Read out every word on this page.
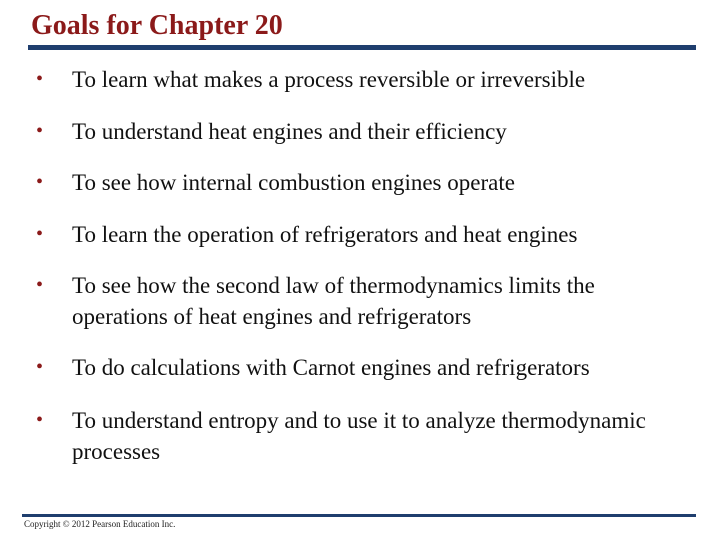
Goals for Chapter 20
•	To learn what makes a process reversible or irreversible
•	To understand heat engines and their efficiency
•	To see how internal combustion engines operate
•	To learn the operation of refrigerators and heat engines
•	To see how the second law of thermodynamics limits the operations of heat engines and refrigerators
•	To do calculations with Carnot engines and refrigerators
•	To understand entropy and to use it to analyze thermodynamic processes
Copyright © 2012 Pearson Education Inc.
